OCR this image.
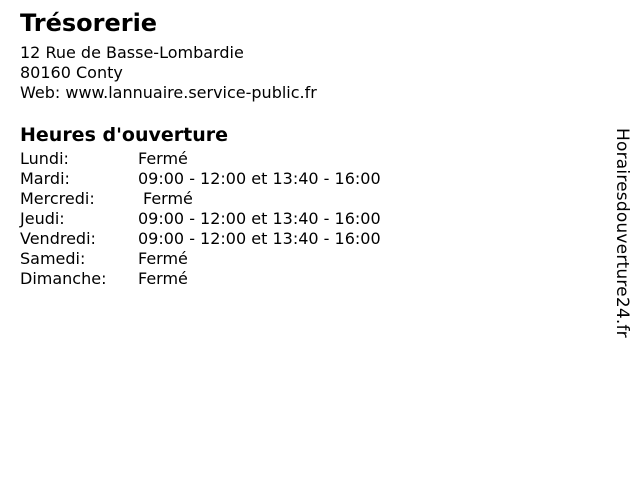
Trésorerie
12 Rue de Basse-Lombardie
80160 Conty
Web: www.lannuaire.service-public.fr
Heures d'ouverture
Lundi:	Fermé
Mardi:	09:00 - 12:00 et 13:40 - 16:00
Mercredi:	Fermé
Jeudi:	09:00 - 12:00 et 13:40 - 16:00
Vendredi:	09:00 - 12:00 et 13:40 - 16:00
Samedi:	Fermé
Dimanche:	Fermé	Horairesdouverture24.fr
